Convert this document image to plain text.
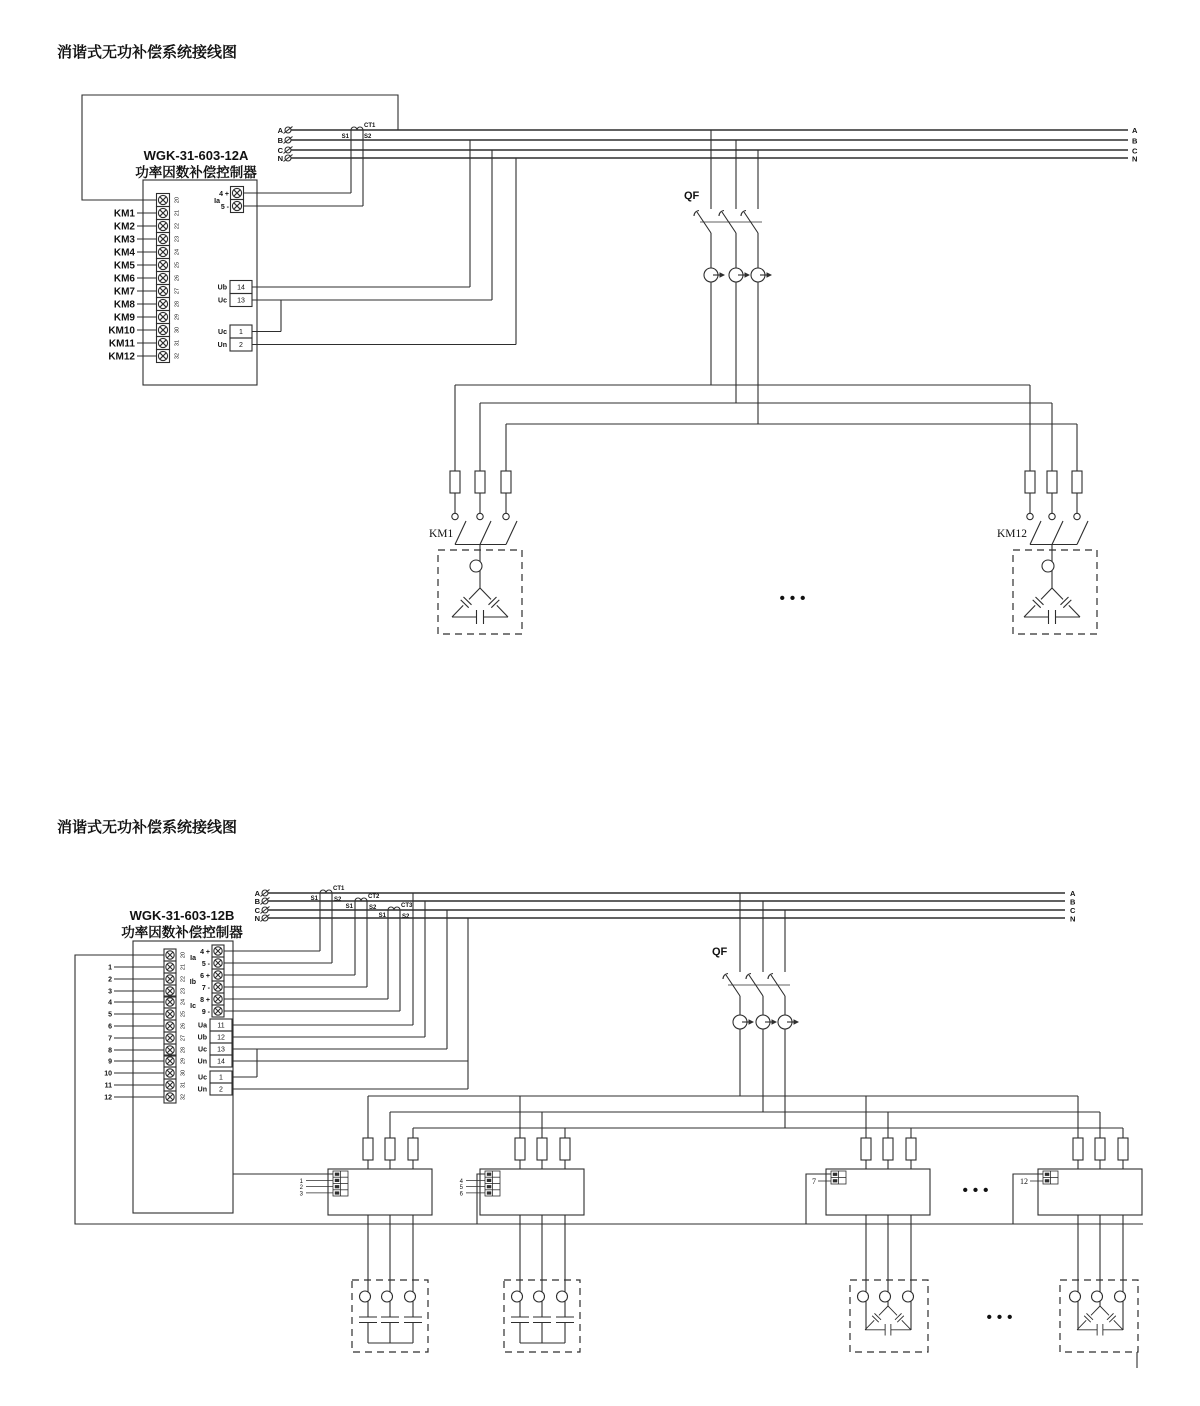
消谐式无功补偿系统接线图
WGK-31-603-12A
功率因数补偿控制器
20
21
22
23
24
25
26
27
28
29
30
31
32
KM1
KM2
KM3
KM4
KM5
KM6
KM7
KM8
KM9
KM10
KM11
KM12
4 +
5 -
Ia
14
13
1
2
Ub
Uc
Uc
Un
A
B
C
N
A
B
C
N
CT1
S1	S2
QF
KM1
•••
KM12
消谐式无功补偿系统接线图
WGK-31-603-12B
功率因数补偿控制器
20
21
22
23
24
25
26
27
28
29
30
31
32
1
2
3
4
5
6
7
8
9
10
11
12
4 +
5 -
6 +
7 -
8 +
9 -
Ia
Ib
Ic
11
12
13
14
1
2
Ua
Ub
Uc
Un
Uc
Un
A
B
C
N
A
B
C
N
CT1
S1	S2	CT2
S1	S2	CT3
S1	S2
QF
1
2
3
4
5
6	•••
7	12
•••
